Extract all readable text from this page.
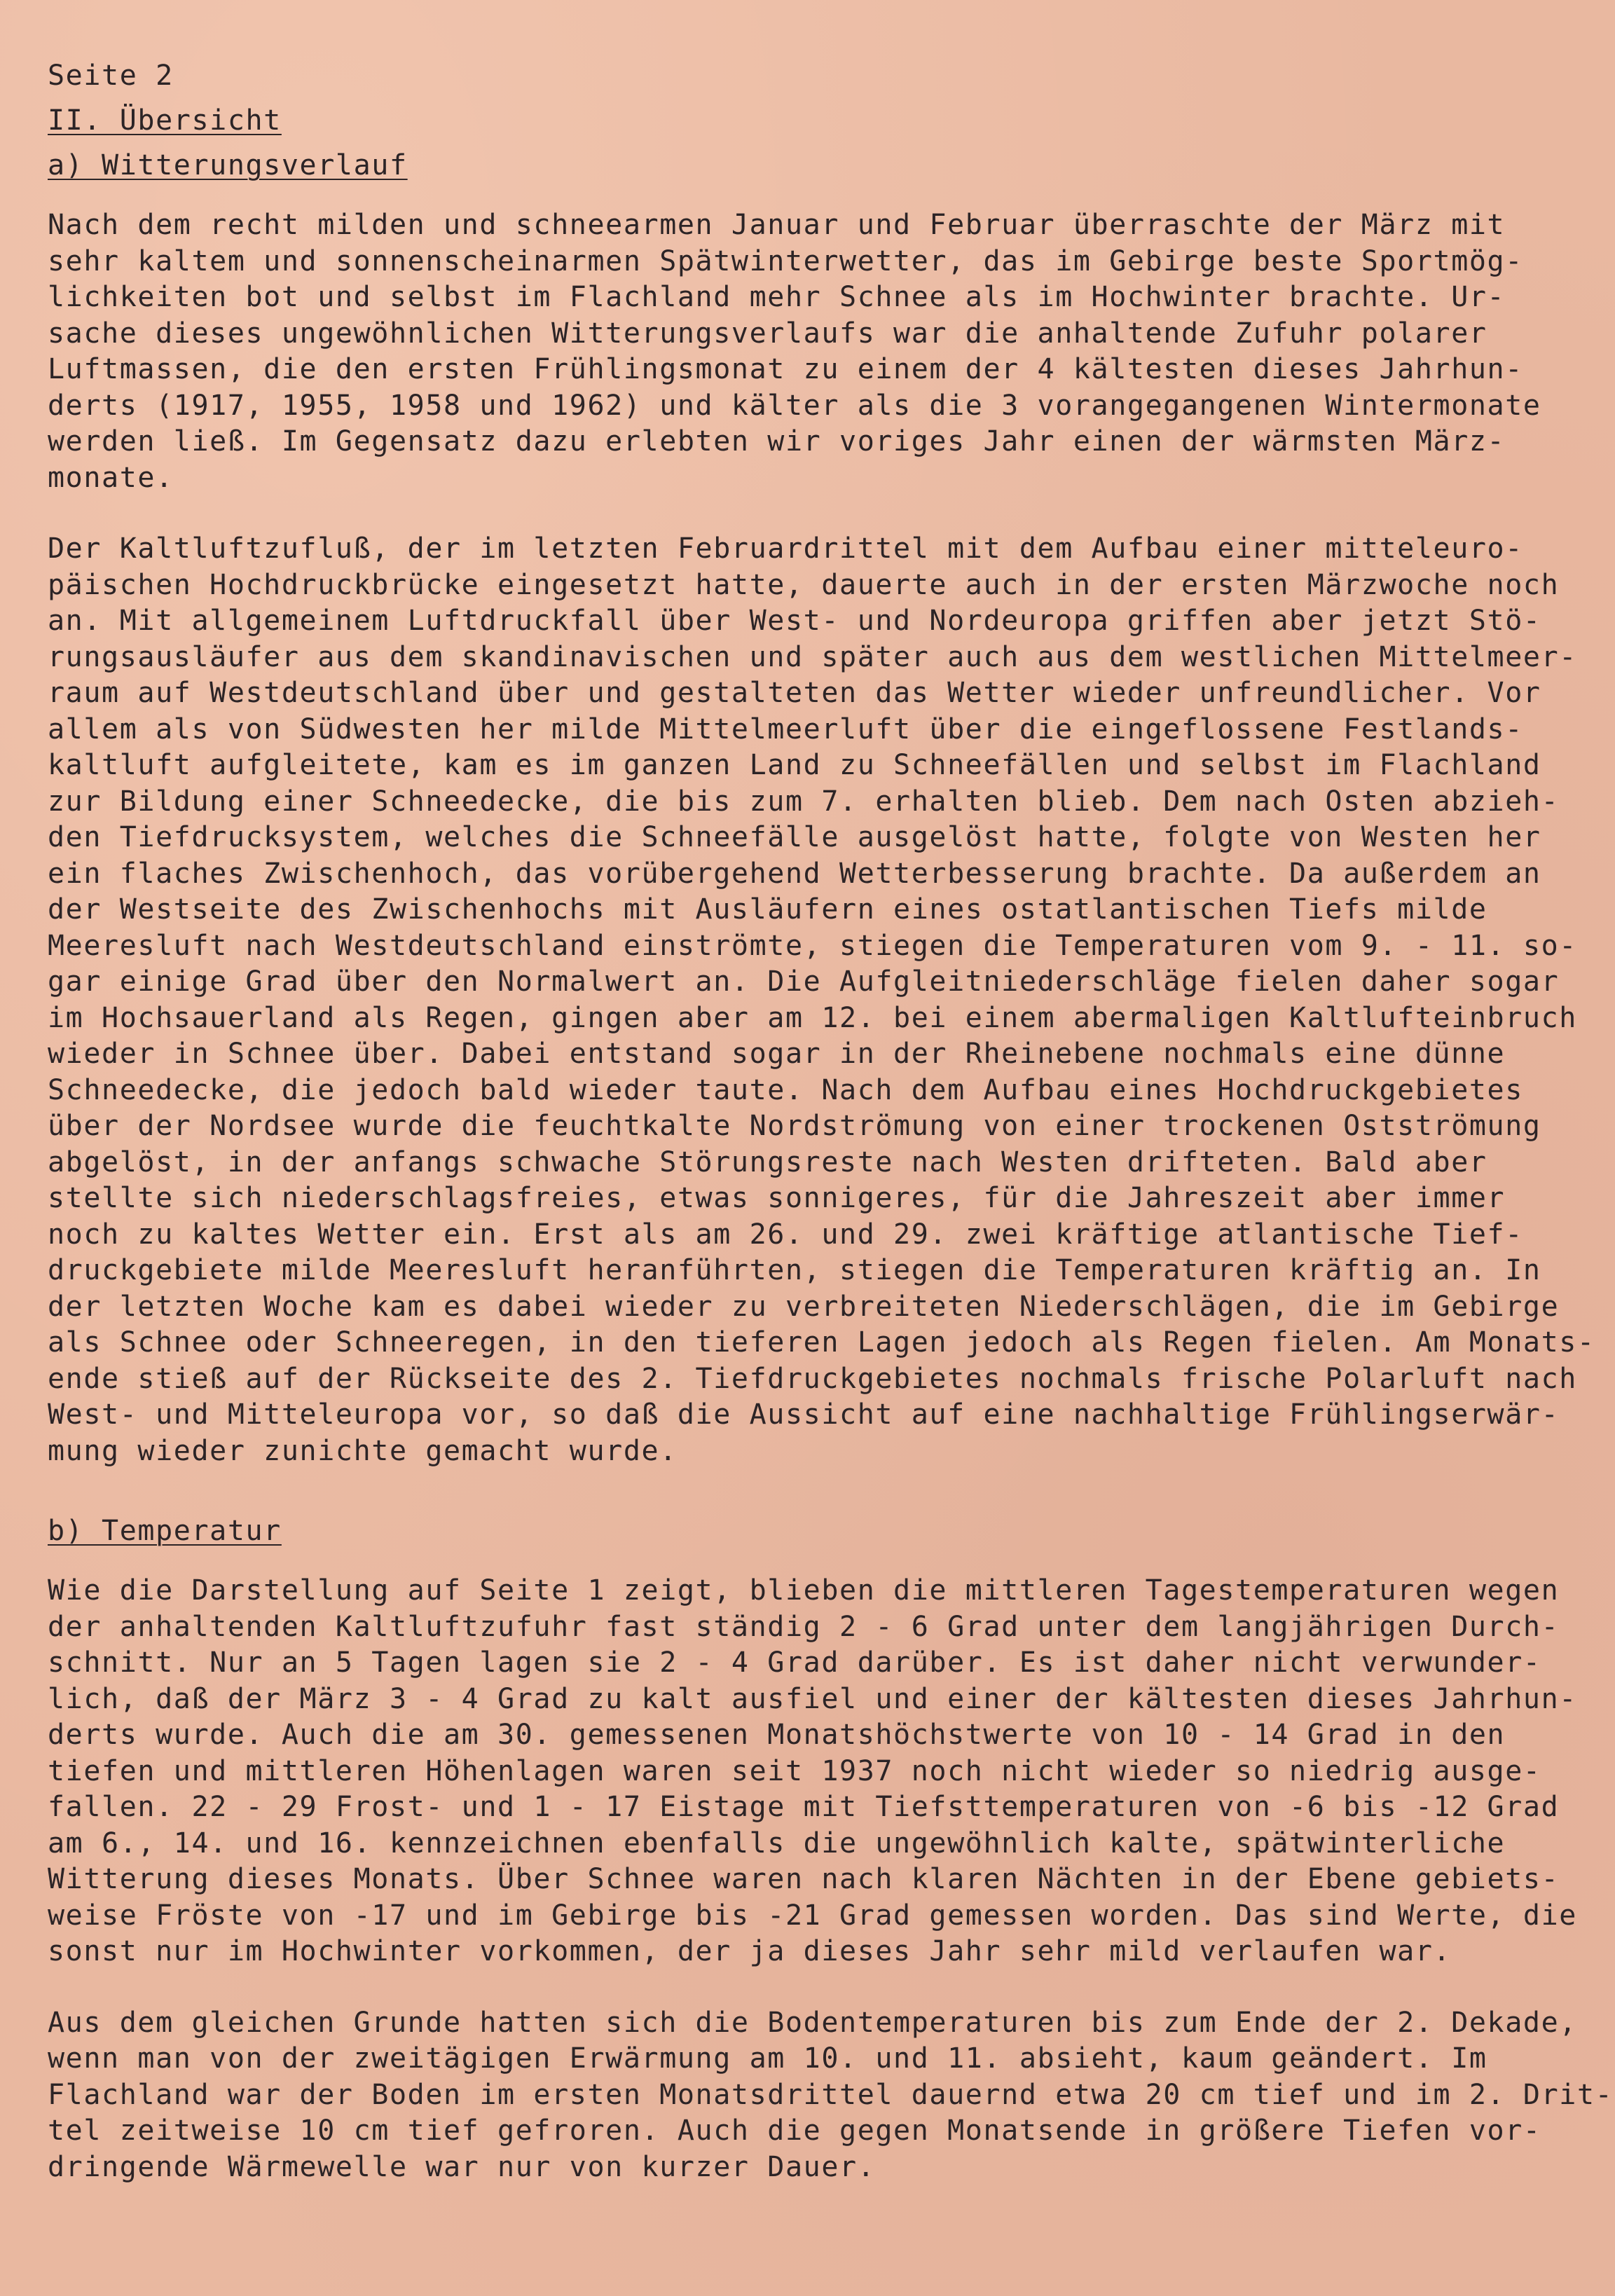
Seite 2

II. Übersicht

a) Witterungsverlauf

Nach dem recht milden und schneearmen Januar und Februar überraschte der März mit

sehr kaltem und sonnenscheinarmen Spätwinterwetter, das im Gebirge beste Sportmög-

lichkeiten bot und selbst im Flachland mehr Schnee als im Hochwinter brachte. Ur-

sache dieses ungewöhnlichen Witterungsverlaufs war die anhaltende Zufuhr polarer

Luftmassen, die den ersten Frühlingsmonat zu einem der 4 kältesten dieses Jahrhun-

derts (1917, 1955, 1958 und 1962) und kälter als die 3 vorangegangenen Wintermonate

werden ließ. Im Gegensatz dazu erlebten wir voriges Jahr einen der wärmsten März-

monate.

Der Kaltluftzufluß, der im letzten Februardrittel mit dem Aufbau einer mitteleuro-

päischen Hochdruckbrücke eingesetzt hatte, dauerte auch in der ersten Märzwoche noch

an. Mit allgemeinem Luftdruckfall über West- und Nordeuropa griffen aber jetzt Stö-

rungsausläufer aus dem skandinavischen und später auch aus dem westlichen Mittelmeer-

raum auf Westdeutschland über und gestalteten das Wetter wieder unfreundlicher. Vor

allem als von Südwesten her milde Mittelmeerluft über die eingeflossene Festlands-

kaltluft aufgleitete, kam es im ganzen Land zu Schneefällen und selbst im Flachland

zur Bildung einer Schneedecke, die bis zum 7. erhalten blieb. Dem nach Osten abzieh-

den Tiefdrucksystem, welches die Schneefälle ausgelöst hatte, folgte von Westen her

ein flaches Zwischenhoch, das vorübergehend Wetterbesserung brachte. Da außerdem an

der Westseite des Zwischenhochs mit Ausläufern eines ostatlantischen Tiefs milde

Meeresluft nach Westdeutschland einströmte, stiegen die Temperaturen vom 9. - 11. so-

gar einige Grad über den Normalwert an. Die Aufgleitniederschläge fielen daher sogar

im Hochsauerland als Regen, gingen aber am 12. bei einem abermaligen Kaltlufteinbruch

wieder in Schnee über. Dabei entstand sogar in der Rheinebene nochmals eine dünne

Schneedecke, die jedoch bald wieder taute. Nach dem Aufbau eines Hochdruckgebietes

über der Nordsee wurde die feuchtkalte Nordströmung von einer trockenen Ostströmung

abgelöst, in der anfangs schwache Störungsreste nach Westen drifteten. Bald aber

stellte sich niederschlagsfreies, etwas sonnigeres, für die Jahreszeit aber immer

noch zu kaltes Wetter ein. Erst als am 26. und 29. zwei kräftige atlantische Tief-

druckgebiete milde Meeresluft heranführten, stiegen die Temperaturen kräftig an. In

der letzten Woche kam es dabei wieder zu verbreiteten Niederschlägen, die im Gebirge

als Schnee oder Schneeregen, in den tieferen Lagen jedoch als Regen fielen. Am Monats-

ende stieß auf der Rückseite des 2. Tiefdruckgebietes nochmals frische Polarluft nach

West- und Mitteleuropa vor, so daß die Aussicht auf eine nachhaltige Frühlingserwär-

mung wieder zunichte gemacht wurde.

b) Temperatur

Wie die Darstellung auf Seite 1 zeigt, blieben die mittleren Tagestemperaturen wegen

der anhaltenden Kaltluftzufuhr fast ständig 2 - 6 Grad unter dem langjährigen Durch-

schnitt. Nur an 5 Tagen lagen sie 2 - 4 Grad darüber. Es ist daher nicht verwunder-

lich, daß der März 3 - 4 Grad zu kalt ausfiel und einer der kältesten dieses Jahrhun-

derts wurde. Auch die am 30. gemessenen Monatshöchstwerte von 10 - 14 Grad in den

tiefen und mittleren Höhenlagen waren seit 1937 noch nicht wieder so niedrig ausge-

fallen. 22 - 29 Frost- und 1 - 17 Eistage mit Tiefsttemperaturen von -6 bis -12 Grad

am 6., 14. und 16. kennzeichnen ebenfalls die ungewöhnlich kalte, spätwinterliche

Witterung dieses Monats. Über Schnee waren nach klaren Nächten in der Ebene gebiets-

weise Fröste von -17 und im Gebirge bis -21 Grad gemessen worden. Das sind Werte, die

sonst nur im Hochwinter vorkommen, der ja dieses Jahr sehr mild verlaufen war.

Aus dem gleichen Grunde hatten sich die Bodentemperaturen bis zum Ende der 2. Dekade,

wenn man von der zweitägigen Erwärmung am 10. und 11. absieht, kaum geändert. Im

Flachland war der Boden im ersten Monatsdrittel dauernd etwa 20 cm tief und im 2. Drit-

tel zeitweise 10 cm tief gefroren. Auch die gegen Monatsende in größere Tiefen vor-

dringende Wärmewelle war nur von kurzer Dauer.
